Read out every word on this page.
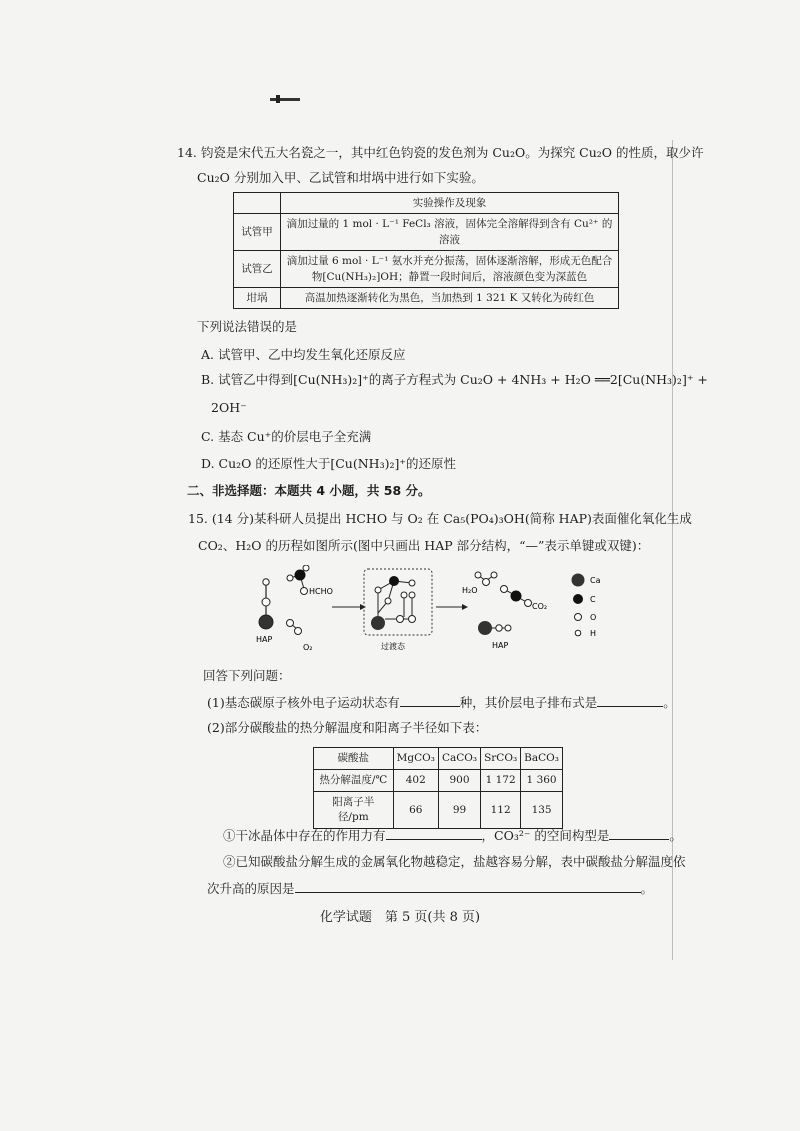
14. 钧瓷是宋代五大名瓷之一，其中红色钧瓷的发色剂为 Cu₂O。为探究 Cu₂O 的性质，取少许
Cu₂O 分别加入甲、乙试管和坩埚中进行如下实验。
	实验操作及现象
试管甲	滴加过量的 1 mol · L⁻¹ FeCl₃ 溶液，固体完全溶解得到含有 Cu²⁺ 的溶液
试管乙	滴加过量 6 mol · L⁻¹ 氨水并充分振荡，固体逐渐溶解，形成无色配合
物[Cu(NH₃)₂]OH；静置一段时间后，溶液颜色变为深蓝色

坩埚	高温加热逐渐转化为黑色，当加热到 1 321 K 又转化为砖红色
下列说法错误的是
A. 试管甲、乙中均发生氧化还原反应
B. 试管乙中得到[Cu(NH₃)₂]⁺的离子方程式为 Cu₂O + 4NH₃ + H₂O ══2[Cu(NH₃)₂]⁺ +
2OH⁻
C. 基态 Cu⁺的价层电子全充满
D. Cu₂O 的还原性大于[Cu(NH₃)₂]⁺的还原性
二、非选择题：本题共 4 小题，共 58 分。
15. (14 分)某科研人员提出 HCHO 与 O₂ 在 Ca₅(PO₄)₃OH(简称 HAP)表面催化氧化生成
CO₂、H₂O 的历程如图所示(图中只画出 HAP 部分结构，“—”表示单键或双键)：
HAP
HCHO
O₂	过渡态
H₂O
CO₂
HAP
Ca
C
O
H
回答下列问题：
(1)基态碳原子核外电子运动状态有	种，其价层电子排布式是	。
(2)部分碳酸盐的热分解温度和阳离子半径如下表：
碳酸盐	MgCO₃	CaCO₃	SrCO₃	BaCO₃
热分解温度/℃	402	900	1 172	1 360
阳离子半径/pm	66	99	112	135
①干冰晶体中存在的作用力有	，CO₃²⁻ 的空间构型是	。
②已知碳酸盐分解生成的金属氧化物越稳定，盐越容易分解，表中碳酸盐分解温度依
次升高的原因是	。
化学试题　第 5 页(共 8 页)
